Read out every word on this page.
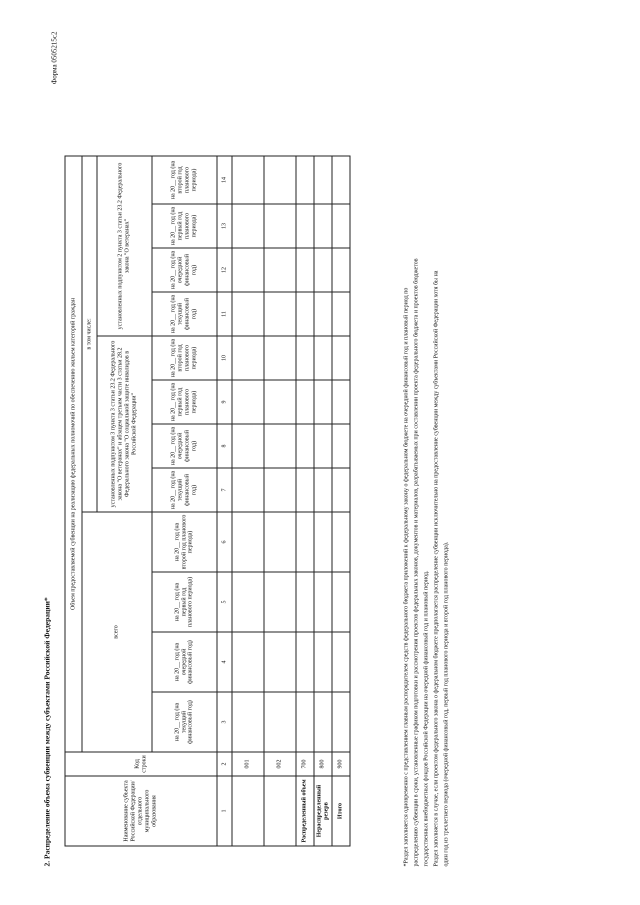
Форма 0505215с2
2. Распределение объема субвенции между субъектами Российской Федерации*	Наименование субъекта Российской Федерации/ отдельного муниципального образования	Код строки	Объем предоставляемой субвенции на реализацию федеральных полномочий по обеспечению жильем категорий граждан											
		всего				в том числе:							
						установленных подпунктом 3 пункта 3 статьи 23.2 Федерального закона "О ветеранах" и абзацем третьим части 3 статьи 28.2 Федерального закона "О социальной защите инвалидов в Российской Федерации"				установленных подпунктом 2 пункта 3 статьи 23.2 Федерального закона "О ветеранах"			
		на 20__ год (на текущий финансовый год)	на 20__ год (на очередной финансовый год)	на 20__ год (на первый год планового периода)	на 20__ год (на второй год планового периода)	на 20__ год (на текущий финансовый год)	на 20__ год (на очередной финансовый год)	на 20__ год (на первый год планового периода)	на 20__ год (на второй год планового периода)	на 20__ год (на текущий финансовый год)	на 20__ год (на очередной финансовый год)	на 20__ год (на первый год планового периода)	на 20__ год (на второй год планового периода)
1	2	3	4	5	6	7	8	9	10	11	12	13	14
	001												
	002												
Распределенный объем	700												
Нераспределенный резерв	800												
Итого	900													*Раздел заполняется одновременно с представлением главным распорядителем средств федерального бюджета приложений к федеральному закону о федеральном бюджете на очередной финансовый год и плановый период по распределению субвенции в сроки, установленные графиком подготовки и рассмотрения проектов федеральных законов, документов и материалов, разрабатываемых при составлении проекта федерального бюджета и проектов бюджетов государственных внебюджетных фондов Российской Федерации на очередной финансовый год и плановый период. Раздел заполняется в случае, если проектом федерального закона о федеральном бюджете предполагается распределение субвенции исключительно на предоставление субвенции между субъектами Российской Федерации хотя бы на один год из трехлетнего периода (очередной финансовый год, первый год планового периода и второй год планового периода).
